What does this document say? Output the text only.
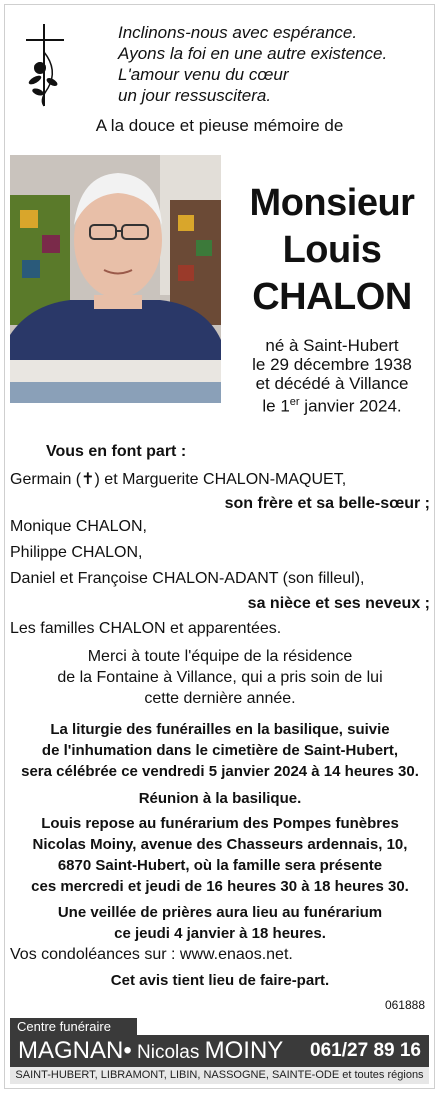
Inclinons-nous avec espérance.
Ayons la foi en une autre existence.
L'amour venu du cœur
un jour ressuscitera.
A la douce et pieuse mémoire de
Monsieur
Louis
CHALON
né à Saint-Hubert
le 29 décembre 1938
et décédé à Villance
le 1er janvier 2024.
Vous en font part :
Germain (✝) et Marguerite CHALON-MAQUET,
son frère et sa belle-sœur ;
Monique CHALON,
Philippe CHALON,
Daniel et Françoise CHALON-ADANT (son filleul),
sa nièce et ses neveux ;
Les familles CHALON et apparentées.
Merci à toute l'équipe de la résidence
de la Fontaine à Villance, qui a pris soin de lui
cette dernière année.
La liturgie des funérailles en la basilique, suivie
de l'inhumation dans le cimetière de Saint-Hubert,
sera célébrée ce vendredi 5 janvier 2024 à 14 heures 30.
Réunion à la basilique.
Louis repose au funérarium des Pompes funèbres
Nicolas Moiny, avenue des Chasseurs ardennais, 10,
6870 Saint-Hubert, où la famille sera présente
ces mercredi et jeudi de 16 heures 30 à 18 heures 30.
Une veillée de prières aura lieu au funérarium
ce jeudi 4 janvier à 18 heures.
Vos condoléances sur : www.enaos.net.
Cet avis tient lieu de faire-part.
061888
Centre funéraire
MAGNAN• Nicolas MOINY 061/27 89 16
SAINT-HUBERT, LIBRAMONT, LIBIN, NASSOGNE, SAINTE-ODE et toutes régions
